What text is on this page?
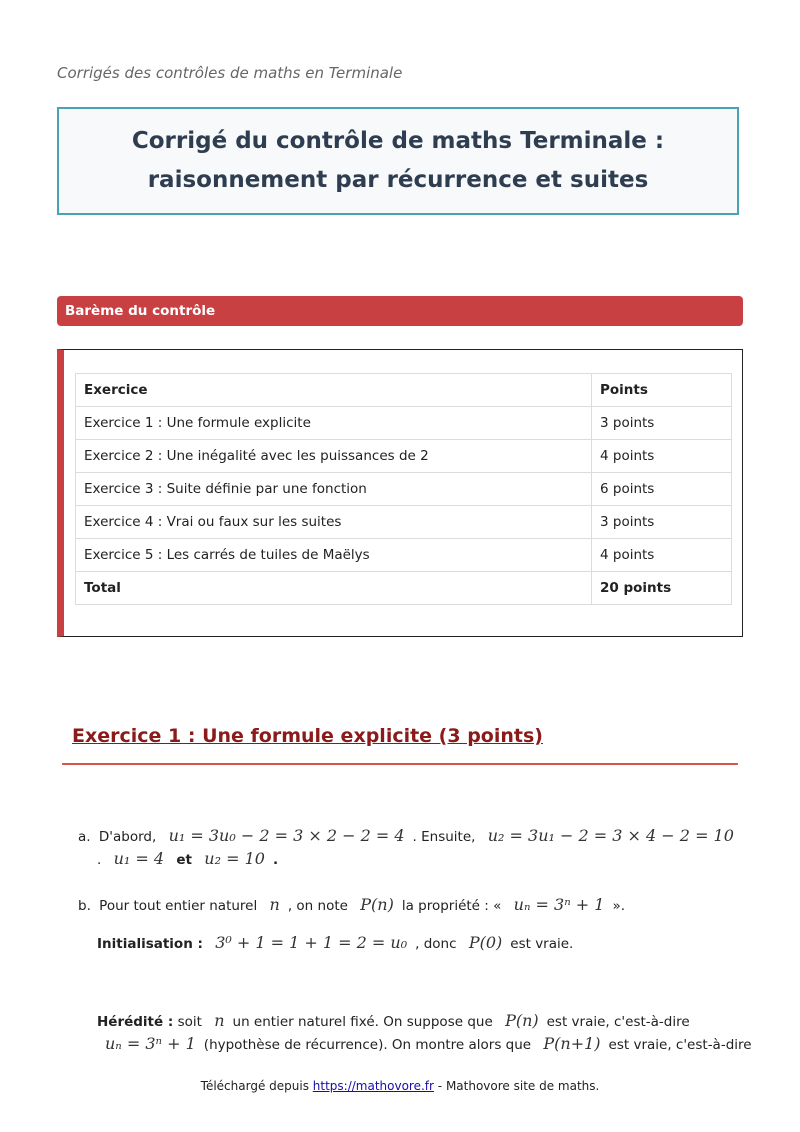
Corrigés des contrôles de maths en Terminale
Corrigé du contrôle de maths Terminale :
raisonnement par récurrence et suites
Barème du contrôle
Exercice	Points
Exercice 1 : Une formule explicite	3 points
Exercice 2 : Une inégalité avec les puissances de 2	4 points
Exercice 3 : Suite définie par une fonction	6 points
Exercice 4 : Vrai ou faux sur les suites	3 points
Exercice 5 : Les carrés de tuiles de Maëlys	4 points
Total	20 points
Exercice 1 : Une formule explicite (3 points)
a. D'abord, u₁ = 3u₀ − 2 = 3 × 2 − 2 = 4 . Ensuite, u₂ = 3u₁ − 2 = 3 × 4 − 2 = 10
. u₁ = 4 et u₂ = 10 .
b. Pour tout entier naturel n , on note P(n) la propriété : « uₙ = 3ⁿ + 1 ».
Initialisation : 3⁰ + 1 = 1 + 1 = 2 = u₀ , donc P(0) est vraie.
Hérédité : soit n un entier naturel fixé. On suppose que P(n) est vraie, c'est-à-dire
uₙ = 3ⁿ + 1 (hypothèse de récurrence). On montre alors que P(n+1) est vraie, c'est-à-dire
Téléchargé depuis https://mathovore.fr - Mathovore site de maths.
